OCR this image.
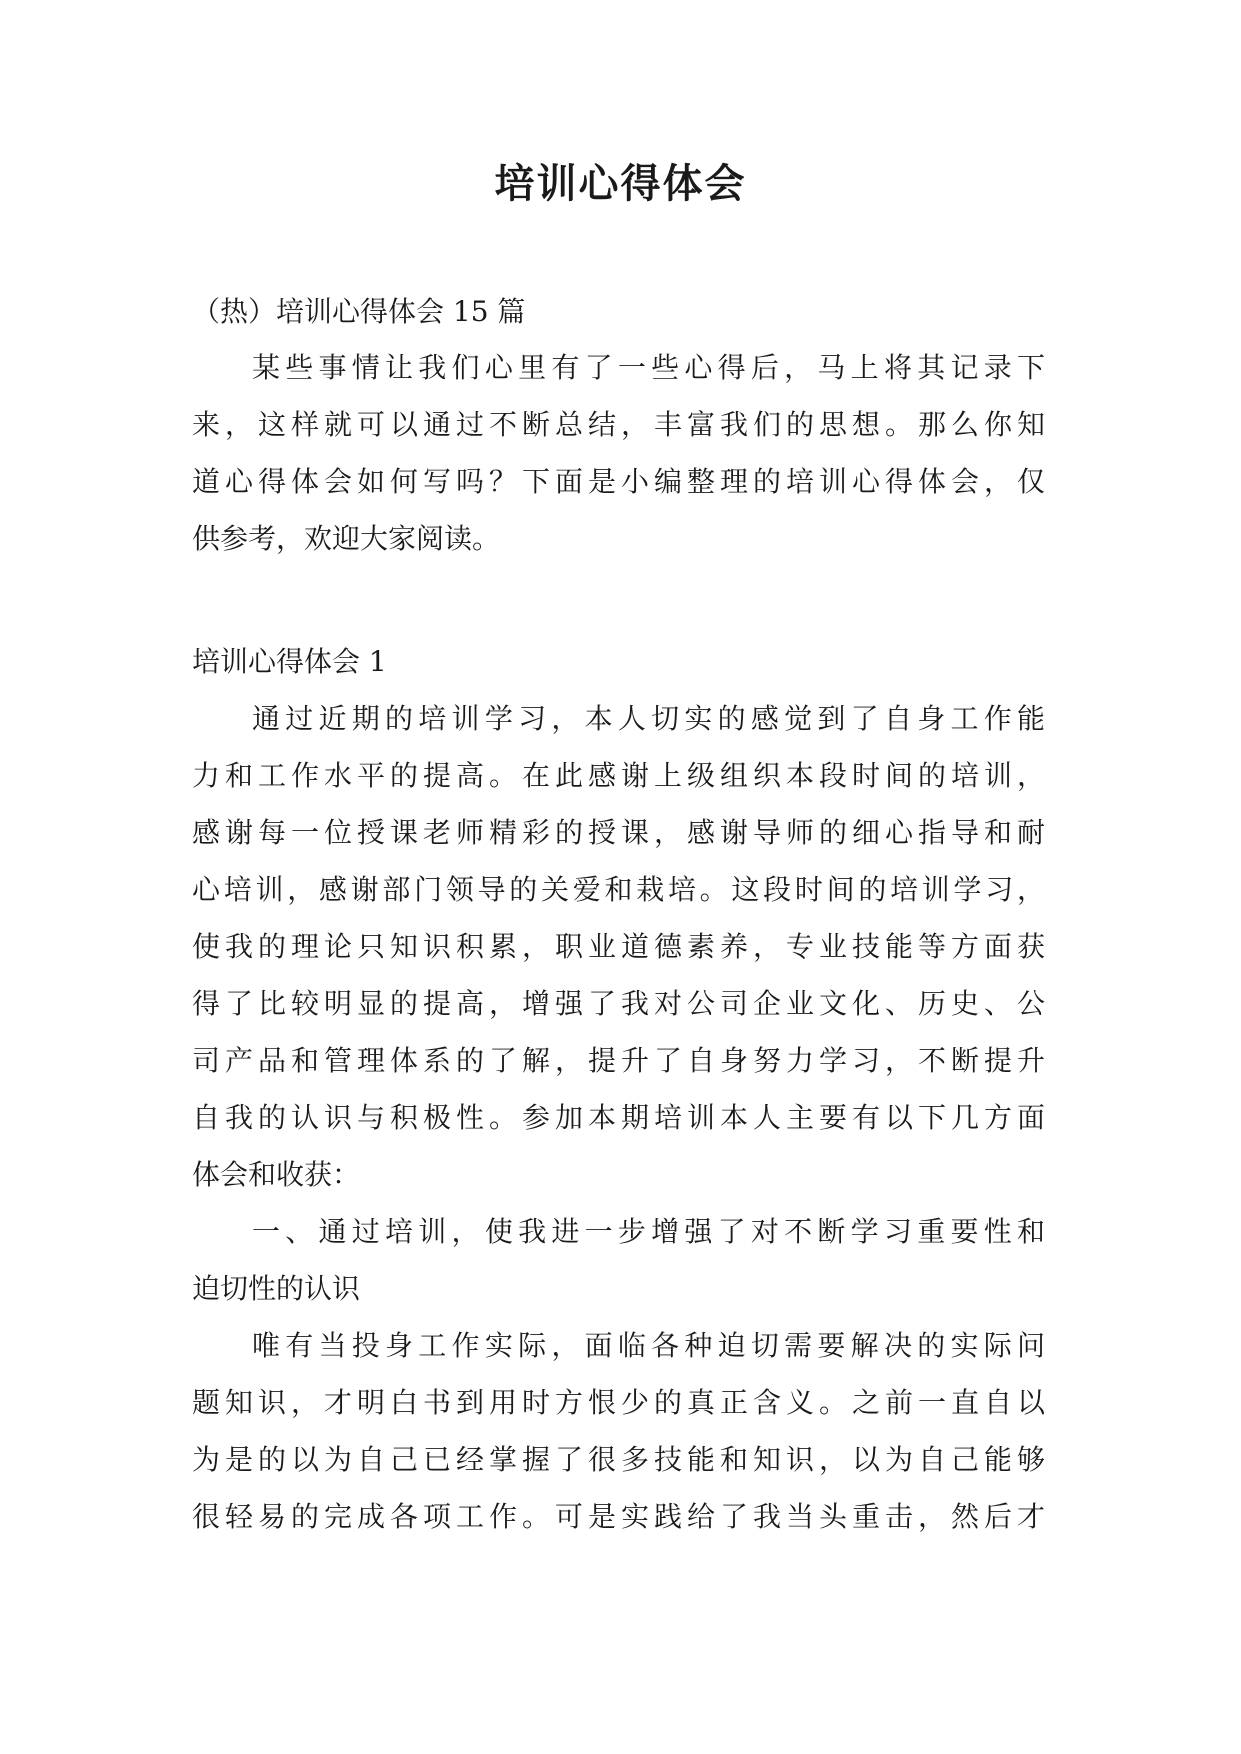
培训心得体会
（热）培训心得体会 15 篇
某些事情让我们心里有了一些心得后，马上将其记录下
来，这样就可以通过不断总结，丰富我们的思想。那么你知
道心得体会如何写吗？下面是小编整理的培训心得体会，仅
供参考，欢迎大家阅读。
培训心得体会 1
通过近期的培训学习，本人切实的感觉到了自身工作能
力和工作水平的提高。在此感谢上级组织本段时间的培训，
感谢每一位授课老师精彩的授课，感谢导师的细心指导和耐
心培训，感谢部门领导的关爱和栽培。这段时间的培训学习，
使我的理论只知识积累，职业道德素养，专业技能等方面获
得了比较明显的提高，增强了我对公司企业文化、历史、公
司产品和管理体系的了解，提升了自身努力学习，不断提升
自我的认识与积极性。参加本期培训本人主要有以下几方面
体会和收获：
一、通过培训，使我进一步增强了对不断学习重要性和
迫切性的认识
唯有当投身工作实际，面临各种迫切需要解决的实际问
题知识，才明白书到用时方恨少的真正含义。之前一直自以
为是的以为自己已经掌握了很多技能和知识，以为自己能够
很轻易的完成各项工作。可是实践给了我当头重击，然后才
